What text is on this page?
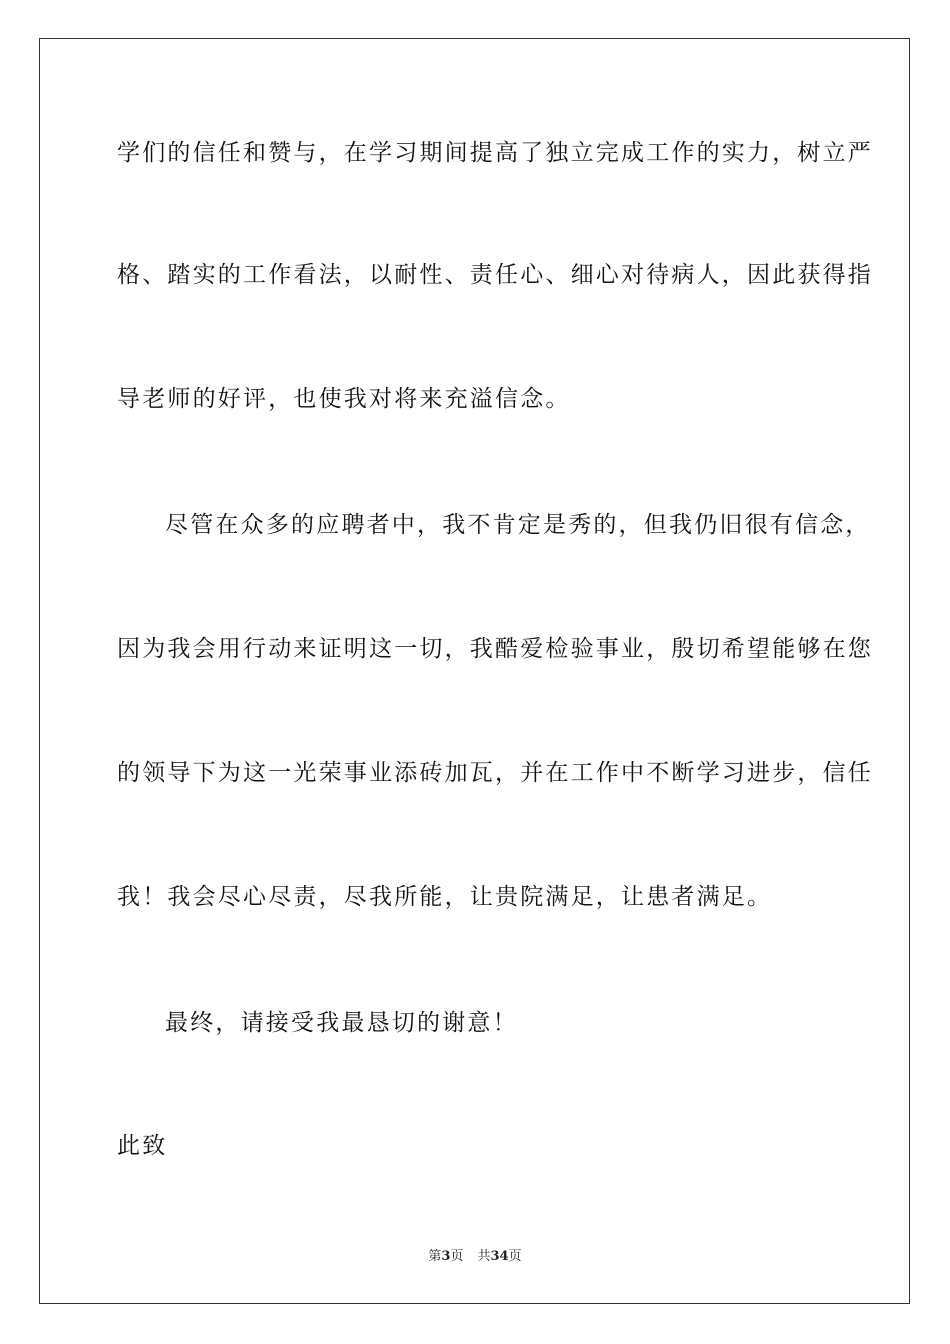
学们的信任和赞与，在学习期间提高了独立完成工作的实力，树立严
格、踏实的工作看法，以耐性、责任心、细心对待病人，因此获得指
导老师的好评，也使我对将来充溢信念。
尽管在众多的应聘者中，我不肯定是秀的，但我仍旧很有信念，
因为我会用行动来证明这一切，我酷爱检验事业，殷切希望能够在您
的领导下为这一光荣事业添砖加瓦，并在工作中不断学习进步，信任
我！我会尽心尽责，尽我所能，让贵院满足，让患者满足。
最终，请接受我最恳切的谢意！
此致
第3页 共34页
